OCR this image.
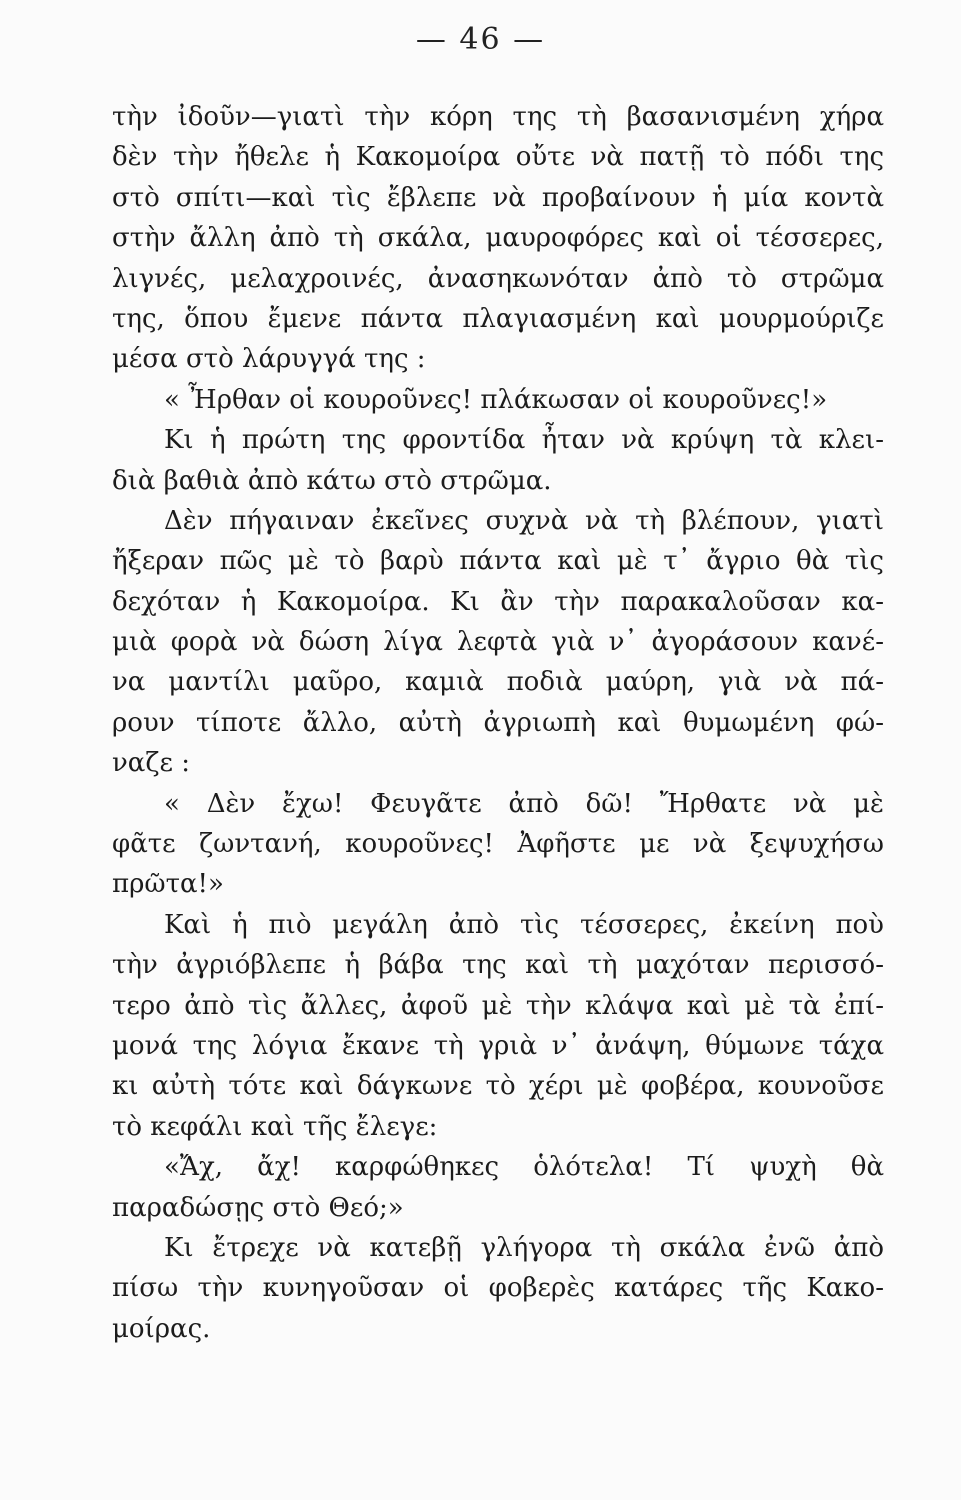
— 46 —
τὴν ἰδοῦν—γιατὶ τὴν κόρη της τὴ βασανισμένη χήρα
δὲν τὴν ἤθελε ἡ Κακομοίρα οὔτε νὰ πατῇ τὸ πόδι της
στὸ σπίτι—καὶ τὶς ἔβλεπε νὰ προβαίνουν ἡ μία κοντὰ
στὴν ἄλλη ἀπὸ τὴ σκάλα, μαυροφόρες καὶ οἱ τέσσερες,
λιγνές, μελαχροινές, ἀνασηκωνόταν ἀπὸ τὸ στρῶμα
της, ὅπου ἔμενε πάντα πλαγιασμένη καὶ μουρμούριζε
μέσα στὸ λάρυγγά της :
« Ἦρθαν οἱ κουροῦνες! πλάκωσαν οἱ κουροῦνες!»
Κι ἡ πρώτη της φροντίδα ἦταν νὰ κρύψη τὰ κλει-
διὰ βαθιὰ ἀπὸ κάτω στὸ στρῶμα.
Δὲν πήγαιναν ἐκεῖνες συχνὰ νὰ τὴ βλέπουν, γιατὶ
ἤξεραν πῶς μὲ τὸ βαρὺ πάντα καὶ μὲ τ᾿ ἄγριο θὰ τὶς
δεχόταν ἡ Κακομοίρα. Κι ἂν τὴν παρακαλοῦσαν κα-
μιὰ φορὰ νὰ δώση λίγα λεφτὰ γιὰ ν᾿ ἀγοράσουν κανέ-
να μαντίλι μαῦρο, καμιὰ ποδιὰ μαύρη, γιὰ νὰ πά-
ρουν τίποτε ἄλλο, αὐτὴ ἀγριωπὴ καὶ θυμωμένη φώ-
ναζε :
« Δὲν ἔχω! Φευγᾶτε ἀπὸ δῶ! Ἤρθατε νὰ μὲ
φᾶτε ζωντανή, κουροῦνες! Ἀφῆστε με νὰ ξεψυχήσω
πρῶτα!»
Καὶ ἡ πιὸ μεγάλη ἀπὸ τὶς τέσσερες, ἐκείνη ποὺ
τὴν ἀγριόβλεπε ἡ βάβα της καὶ τὴ μαχόταν περισσό-
τερο ἀπὸ τὶς ἄλλες, ἀφοῦ μὲ τὴν κλάψα καὶ μὲ τὰ ἐπί-
μονά της λόγια ἔκανε τὴ γριὰ ν᾿ ἀνάψη, θύμωνε τάχα
κι αὐτὴ τότε καὶ δάγκωνε τὸ χέρι μὲ φοβέρα, κουνοῦσε
τὸ κεφάλι καὶ τῆς ἔλεγε:
«Ἄχ, ἄχ! καρφώθηκες ὁλότελα! Τί ψυχὴ θὰ
παραδώσῃς στὸ Θεό;»
Κι ἔτρεχε νὰ κατεβῇ γλήγορα τὴ σκάλα ἐνῶ ἀπὸ
πίσω τὴν κυνηγοῦσαν οἱ φοβερὲς κατάρες τῆς Κακο-
μοίρας.
